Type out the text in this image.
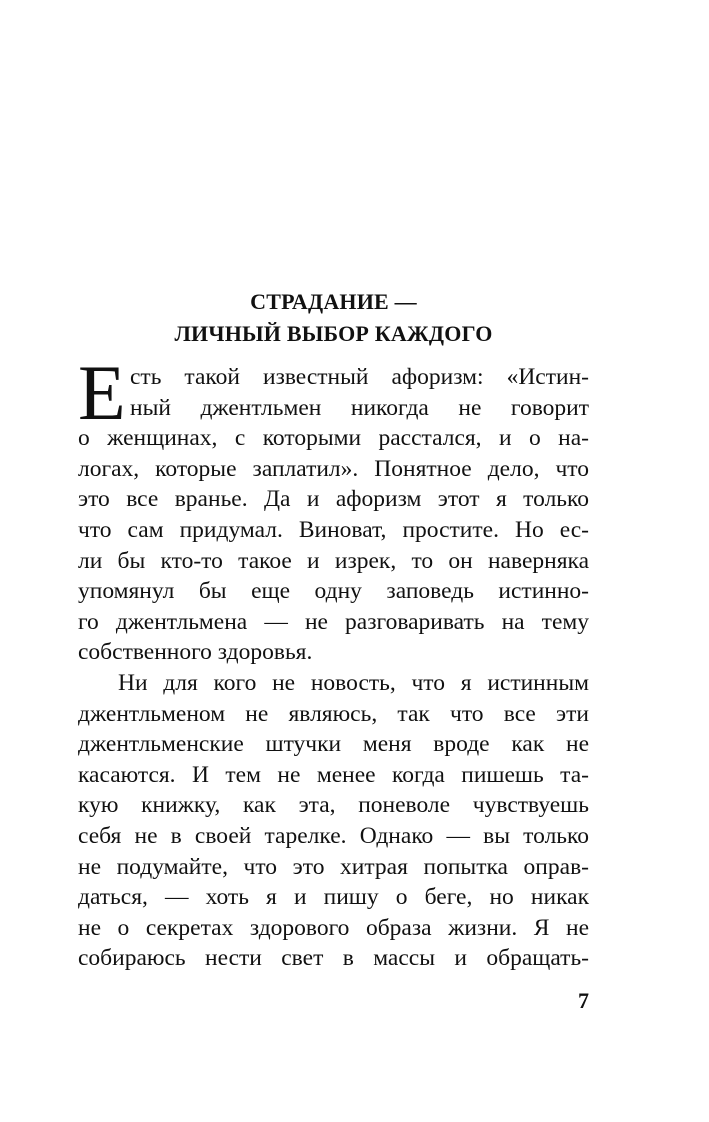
СТРАДАНИЕ —
ЛИЧНЫЙ ВЫБОР КАЖДОГО
Е сть такой известный афоризм: «Истин-
ный джентльмен никогда не говорит
о женщинах, с которыми расстался, и о на-
логах, которые заплатил». Понятное дело, что
это все вранье. Да и афоризм этот я только
что сам придумал. Виноват, простите. Но ес-
ли бы кто-то такое и изрек, то он наверняка
упомянул бы еще одну заповедь истинно-
го джентльмена — не разговаривать на тему
собственного здоровья.
Ни для кого не новость, что я истинным
джентльменом не являюсь, так что все эти
джентльменские штучки меня вроде как не
касаются. И тем не менее когда пишешь та-
кую книжку, как эта, поневоле чувствуешь
себя не в своей тарелке. Однако — вы только
не подумайте, что это хитрая попытка оправ-
даться, — хоть я и пишу о беге, но никак
не о секретах здорового образа жизни. Я не
собираюсь нести свет в массы и обращать-
7
